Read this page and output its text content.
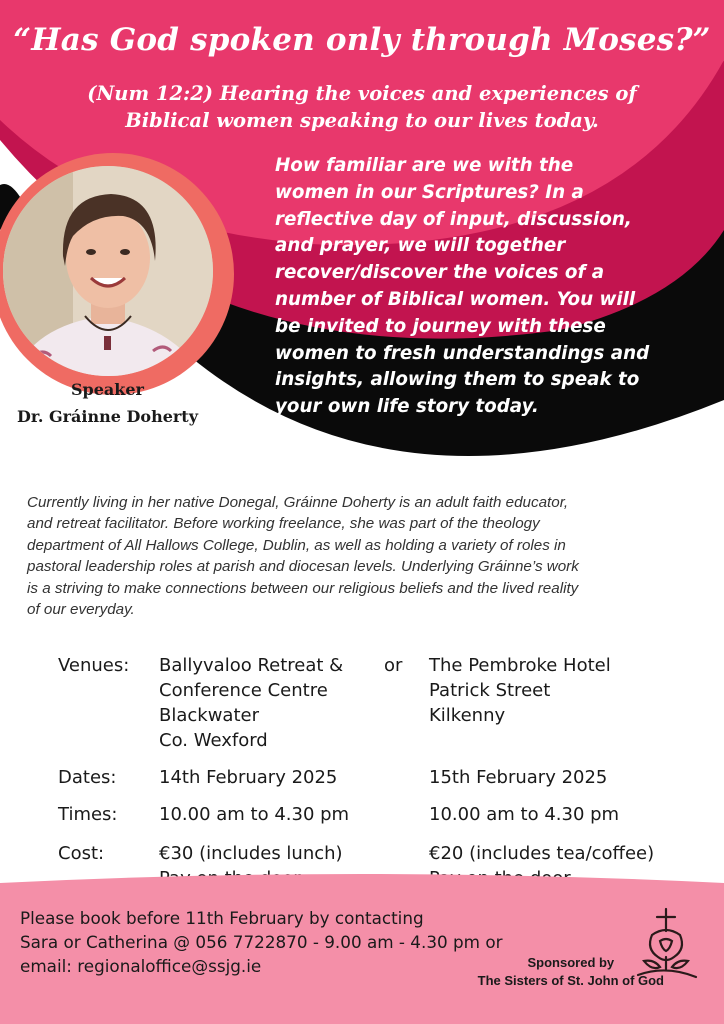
“Has God spoken only through Moses?”
(Num 12:2) Hearing the voices and experiences of
Biblical women speaking to our lives today.
Speaker
Dr. Gráinne Doherty

How familiar are we with the
women in our Scriptures? In a
reflective day of input, discussion,
and prayer, we will together
recover/discover the voices of a
number of Biblical women. You will
be invited to journey with these
women to fresh understandings and
insights, allowing them to speak to
your own life story today.

Currently living in her native Donegal, Gráinne Doherty is an adult faith educator,
and retreat facilitator. Before working freelance, she was part of the theology
department of All Hallows College, Dublin, as well as holding a variety of roles in
pastoral leadership roles at parish and diocesan levels. Underlying Gráinne’s work
is a striving to make connections between our religious beliefs and the lived reality
of our everyday.

Venues: Ballyvaloo Retreat &
Conference Centre
Blackwater
Co. Wexford
or The Pembroke Hotel
Patrick Street
Kilkenny
Dates: 14th February 2025	15th February 2025
Times: 10.00 am to 4.30 pm	10.00 am to 4.30 pm
Cost:	€30 (includes lunch)	€20 (includes tea/coffee)
Please book before 11th February by contacting
Sara or Catherina @ 056 7722870 - 9.00 am - 4.30 pm or
email: regionaloffice@ssjg.ie	Sponsored by
The Sisters of St. John of God
